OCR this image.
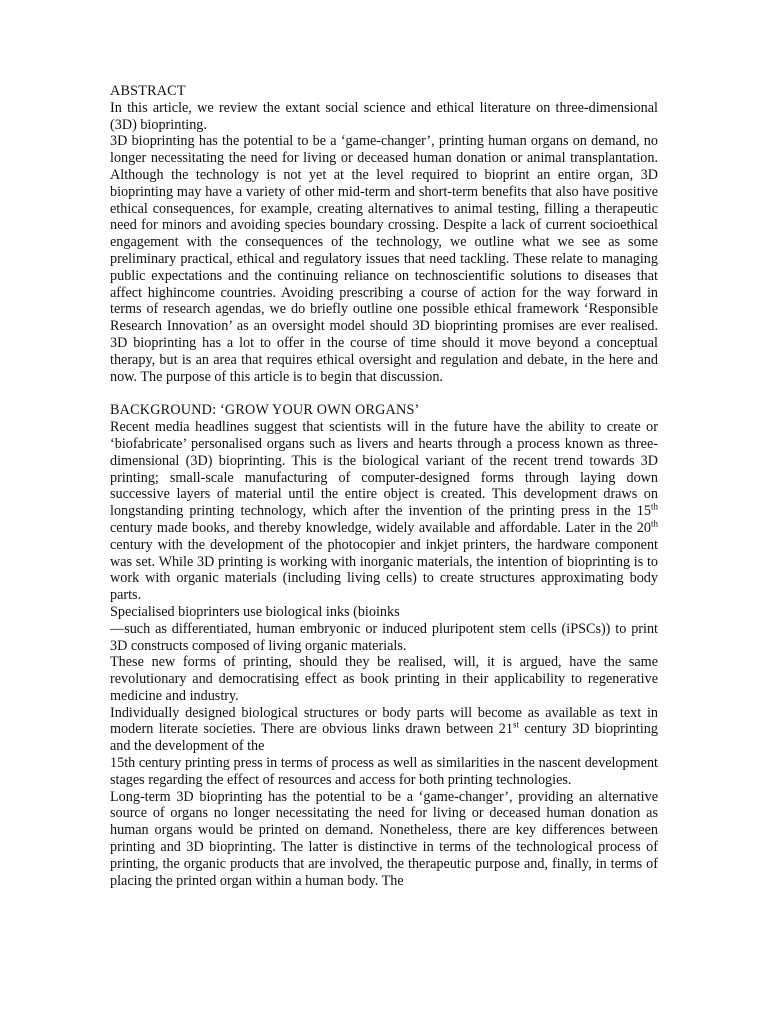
ABSTRACT

In this article, we review the extant social science and ethical literature on three-dimensional (3D) bioprinting.

3D bioprinting has the potential to be a ‘game-changer’, printing human organs on demand, no longer necessitating the need for living or deceased human donation or animal transplantation. Although the technology is not yet at the level required to bioprint an entire organ, 3D bioprinting may have a variety of other mid-term and short-term benefits that also have positive ethical consequences, for example, creating alternatives to animal testing, filling a therapeutic need for minors and avoiding species boundary crossing. Despite a lack of current socioethical engagement with the consequences of the technology, we outline what we see as some preliminary practical, ethical and regulatory issues that need tackling. These relate to managing public expectations and the continuing reliance on technoscientific solutions to diseases that affect highincome countries. Avoiding prescribing a course of action for the way forward in terms of research agendas, we do briefly outline one possible ethical framework ‘Responsible Research Innovation’ as an oversight model should 3D bioprinting promises are ever realised. 3D bioprinting has a lot to offer in the course of time should it move beyond a conceptual therapy, but is an area that requires ethical oversight and regulation and debate, in the here and now. The purpose of this article is to begin that discussion.

BACKGROUND: ‘GROW YOUR OWN ORGANS’

Recent media headlines suggest that scientists will in the future have the ability to create or ‘biofabricate’ personalised organs such as livers and hearts through a process known as three-dimensional (3D) bioprinting. This is the biological variant of the recent trend towards 3D printing; small-scale manufacturing of computer-designed forms through laying down successive layers of material until the entire object is created. This development draws on longstanding printing technology, which after the invention of the printing press in the 15th century made books, and thereby knowledge, widely available and affordable. Later in the 20th century with the development of the photocopier and inkjet printers, the hardware component was set. While 3D printing is working with inorganic materials, the intention of bioprinting is to work with organic materials (including living cells) to create structures approximating body parts.

Specialised bioprinters use biological inks (bioinks

—such as differentiated, human embryonic or induced pluripotent stem cells (iPSCs)) to print 3D constructs composed of living organic materials.

These new forms of printing, should they be realised, will, it is argued, have the same revolutionary and democratising effect as book printing in their applicability to regenerative medicine and industry.

Individually designed biological structures or body parts will become as available as text in modern literate societies. There are obvious links drawn between 21st century 3D bioprinting and the development of the

15th century printing press in terms of process as well as similarities in the nascent development stages regarding the effect of resources and access for both printing technologies.

Long-term 3D bioprinting has the potential to be a ‘game-changer’, providing an alternative source of organs no longer necessitating the need for living or deceased human donation as human organs would be printed on demand. Nonetheless, there are key differences between printing and 3D bioprinting. The latter is distinctive in terms of the technological process of printing, the organic products that are involved, the therapeutic purpose and, finally, in terms of placing the printed organ within a human body. The
